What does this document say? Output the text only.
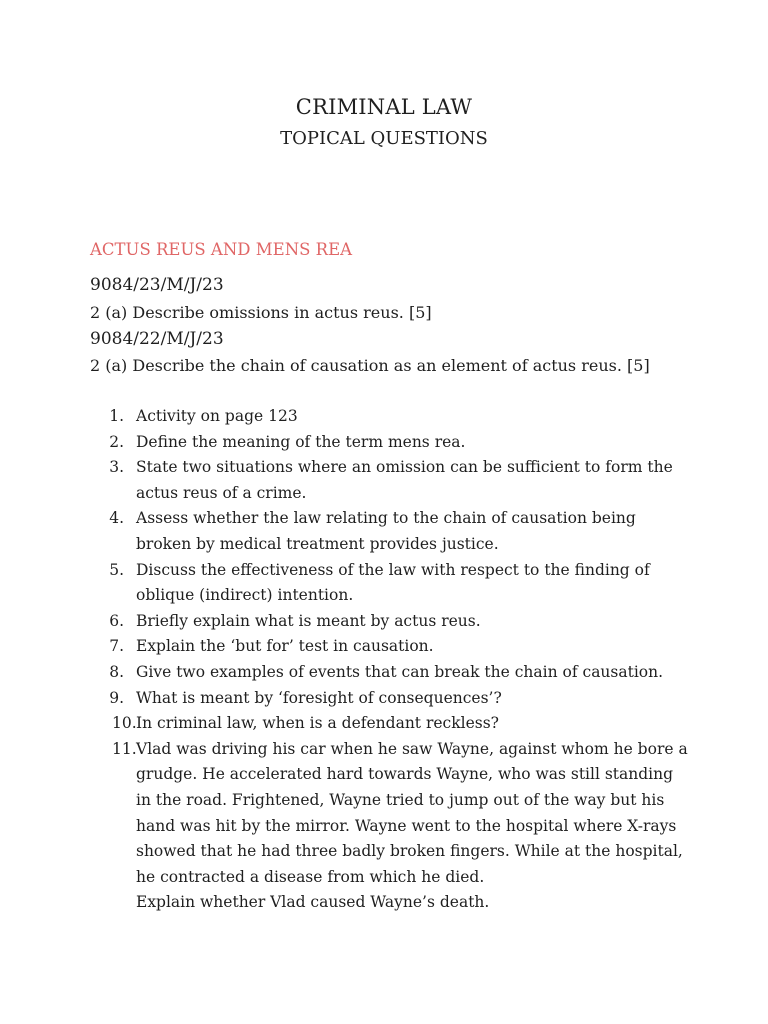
CRIMINAL LAW
TOPICAL QUESTIONS
ACTUS REUS AND MENS REA
9084/23/M/J/23
2 (a) Describe omissions in actus reus. [5]
9084/22/M/J/23
2 (a) Describe the chain of causation as an element of actus reus. [5]
1. Activity on page 123
2. Define the meaning of the term mens rea.
3. State two situations where an omission can be sufficient to form the actus reus of a crime.
4. Assess whether the law relating to the chain of causation being broken by medical treatment provides justice.
5. Discuss the effectiveness of the law with respect to the finding of oblique (indirect) intention.
6. Briefly explain what is meant by actus reus.
7. Explain the ‘but for’ test in causation.
8. Give two examples of events that can break the chain of causation.
9. What is meant by ‘foresight of consequences’?
10. In criminal law, when is a defendant reckless?
11. Vlad was driving his car when he saw Wayne, against whom he bore a grudge. He accelerated hard towards Wayne, who was still standing in the road. Frightened, Wayne tried to jump out of the way but his hand was hit by the mirror. Wayne went to the hospital where X-rays showed that he had three badly broken fingers. While at the hospital, he contracted a disease from which he died.
Explain whether Vlad caused Wayne’s death.
